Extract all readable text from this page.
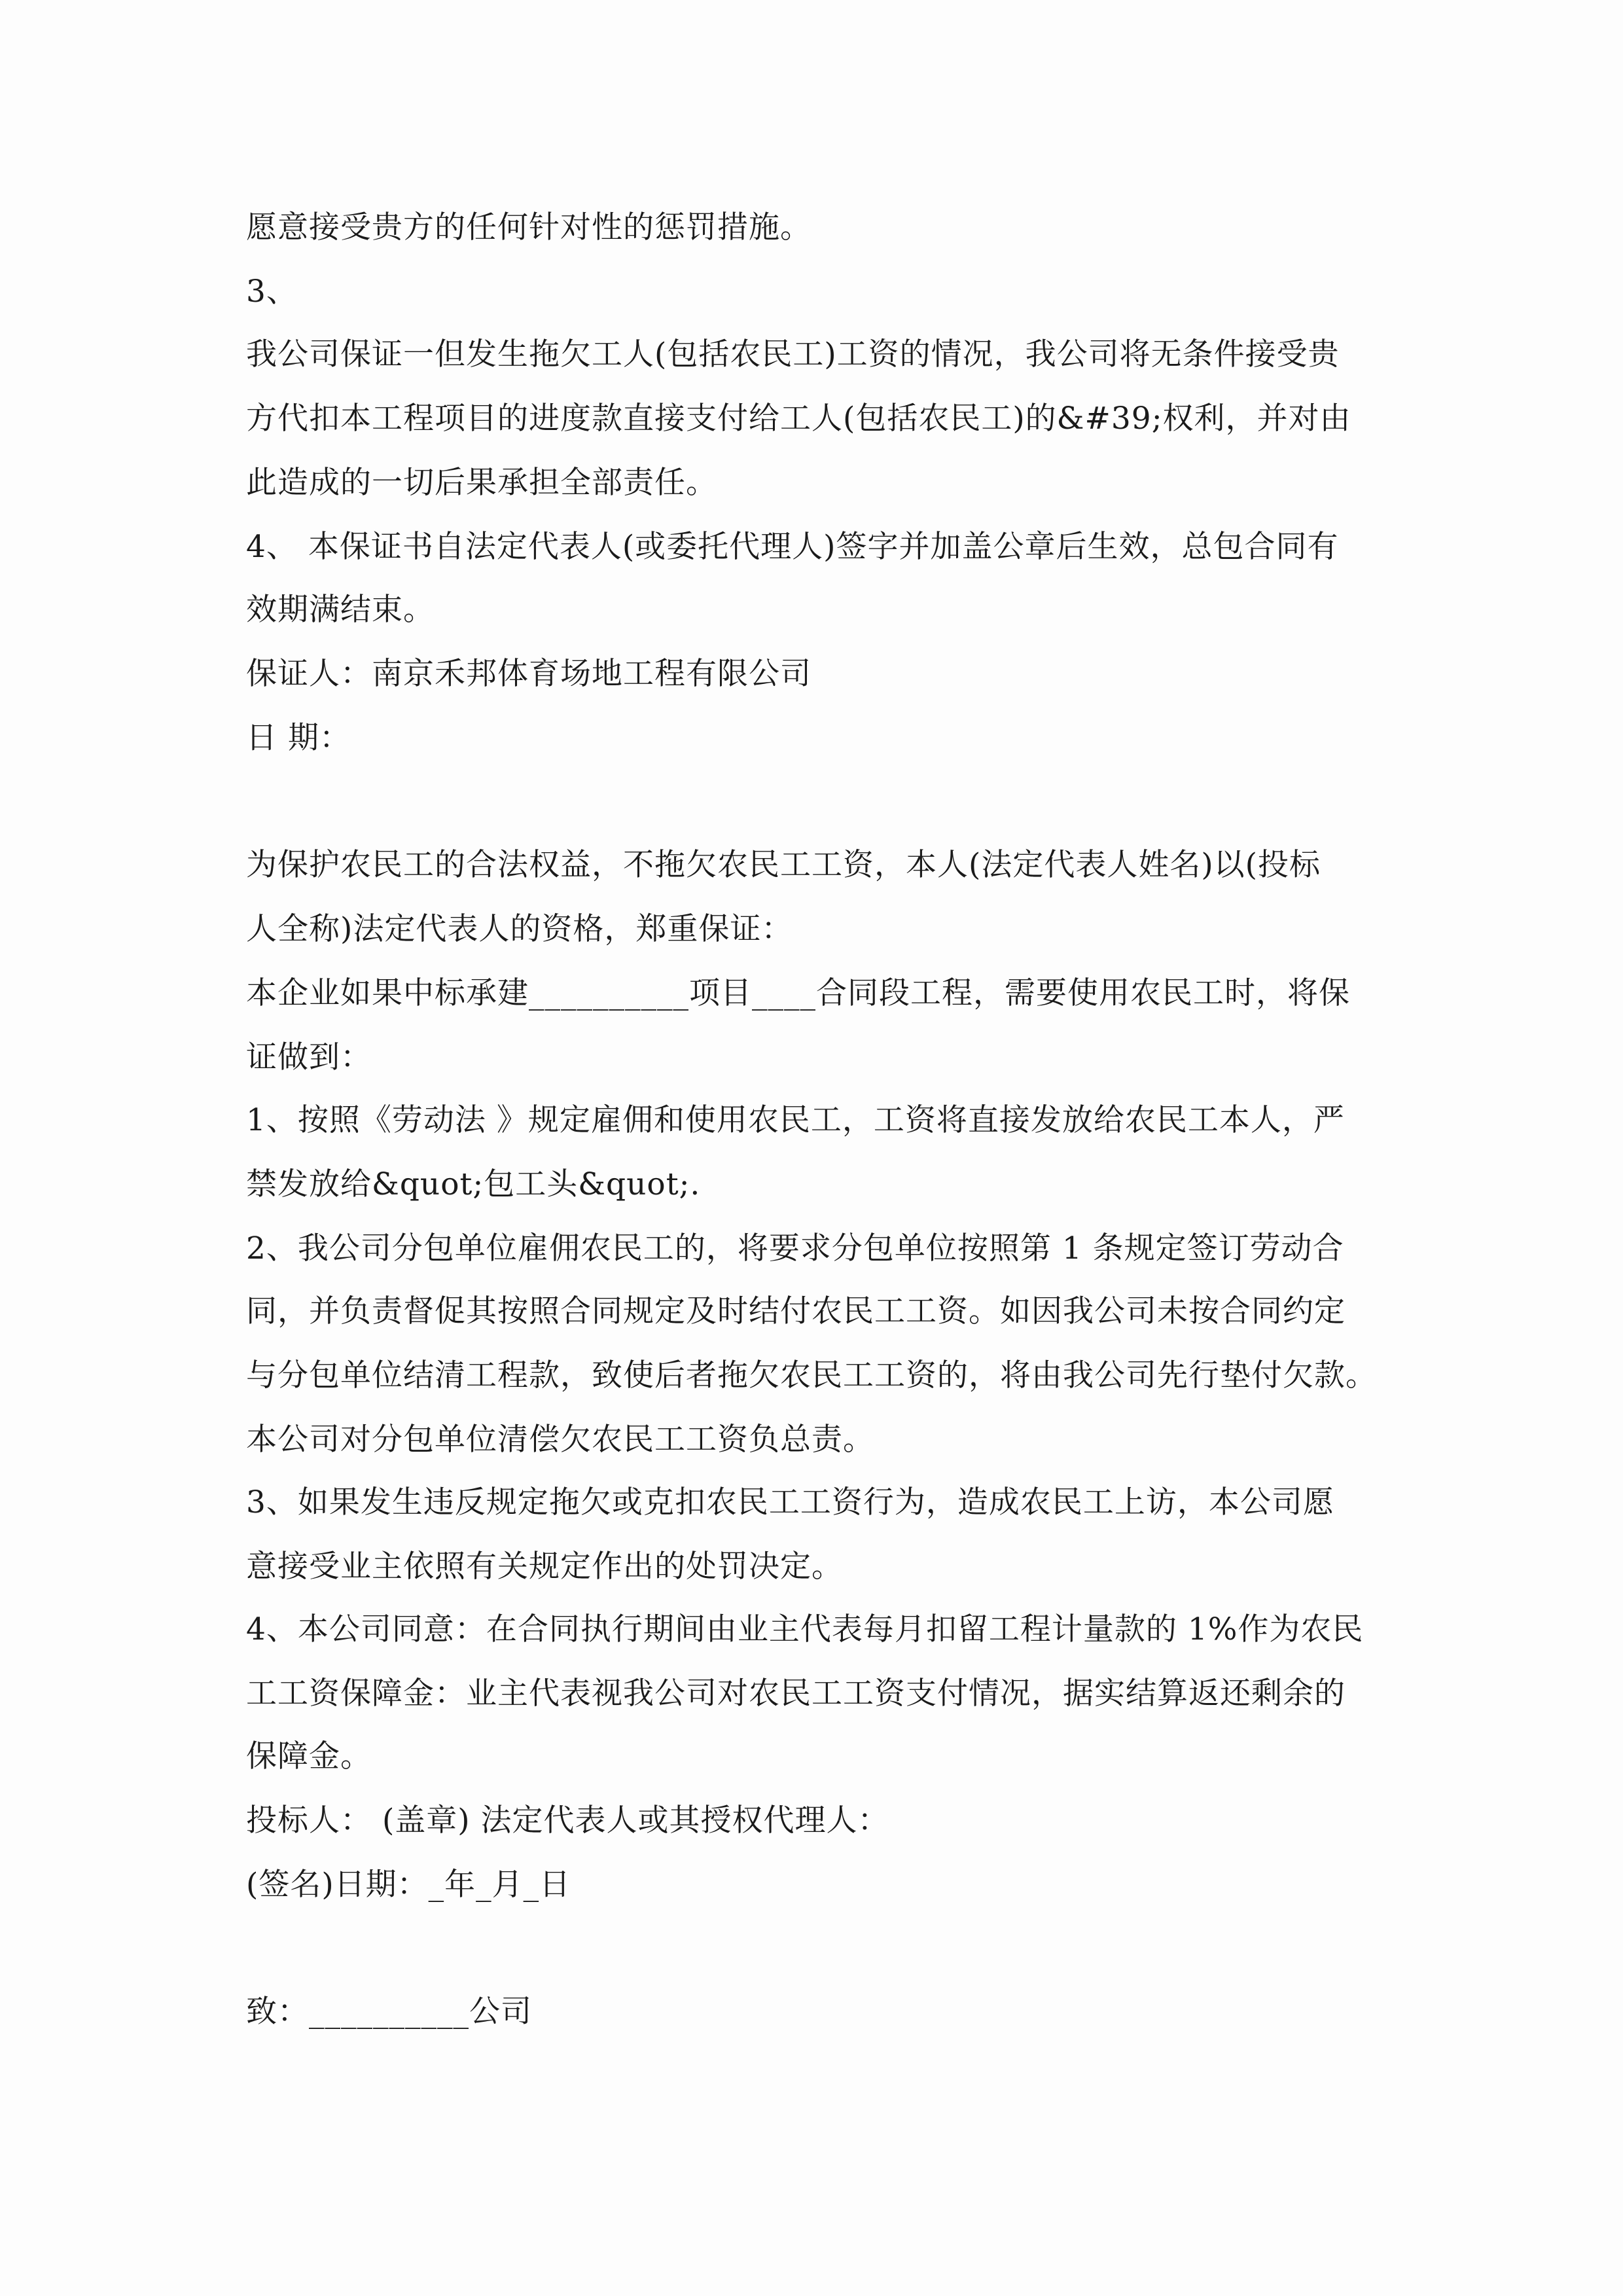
愿意接受贵方的任何针对性的惩罚措施。
3、
我公司保证一但发生拖欠工人(包括农民工)工资的情况，我公司将无条件接受贵
方代扣本工程项目的进度款直接支付给工人(包括农民工)的&#39;权利，并对由
此造成的一切后果承担全部责任。
4、 本保证书自法定代表人(或委托代理人)签字并加盖公章后生效，总包合同有
效期满结束。
保证人：南京禾邦体育场地工程有限公司
日 期：
为保护农民工的合法权益，不拖欠农民工工资，本人(法定代表人姓名)以(投标
人全称)法定代表人的资格，郑重保证：
本企业如果中标承建__________项目____合同段工程，需要使用农民工时，将保
证做到：
1、按照《劳动法 》规定雇佣和使用农民工，工资将直接发放给农民工本人，严
禁发放给&quot;包工头&quot;.
2、我公司分包单位雇佣农民工的，将要求分包单位按照第 1 条规定签订劳动合
同，并负责督促其按照合同规定及时结付农民工工资。如因我公司未按合同约定
与分包单位结清工程款，致使后者拖欠农民工工资的，将由我公司先行垫付欠款。
本公司对分包单位清偿欠农民工工资负总责。
3、如果发生违反规定拖欠或克扣农民工工资行为，造成农民工上访，本公司愿
意接受业主依照有关规定作出的处罚决定。
4、本公司同意：在合同执行期间由业主代表每月扣留工程计量款的 1%作为农民
工工资保障金：业主代表视我公司对农民工工资支付情况，据实结算返还剩余的
保障金。
投标人： (盖章) 法定代表人或其授权代理人：
(签名)日期：_年_月_日
致：__________公司
